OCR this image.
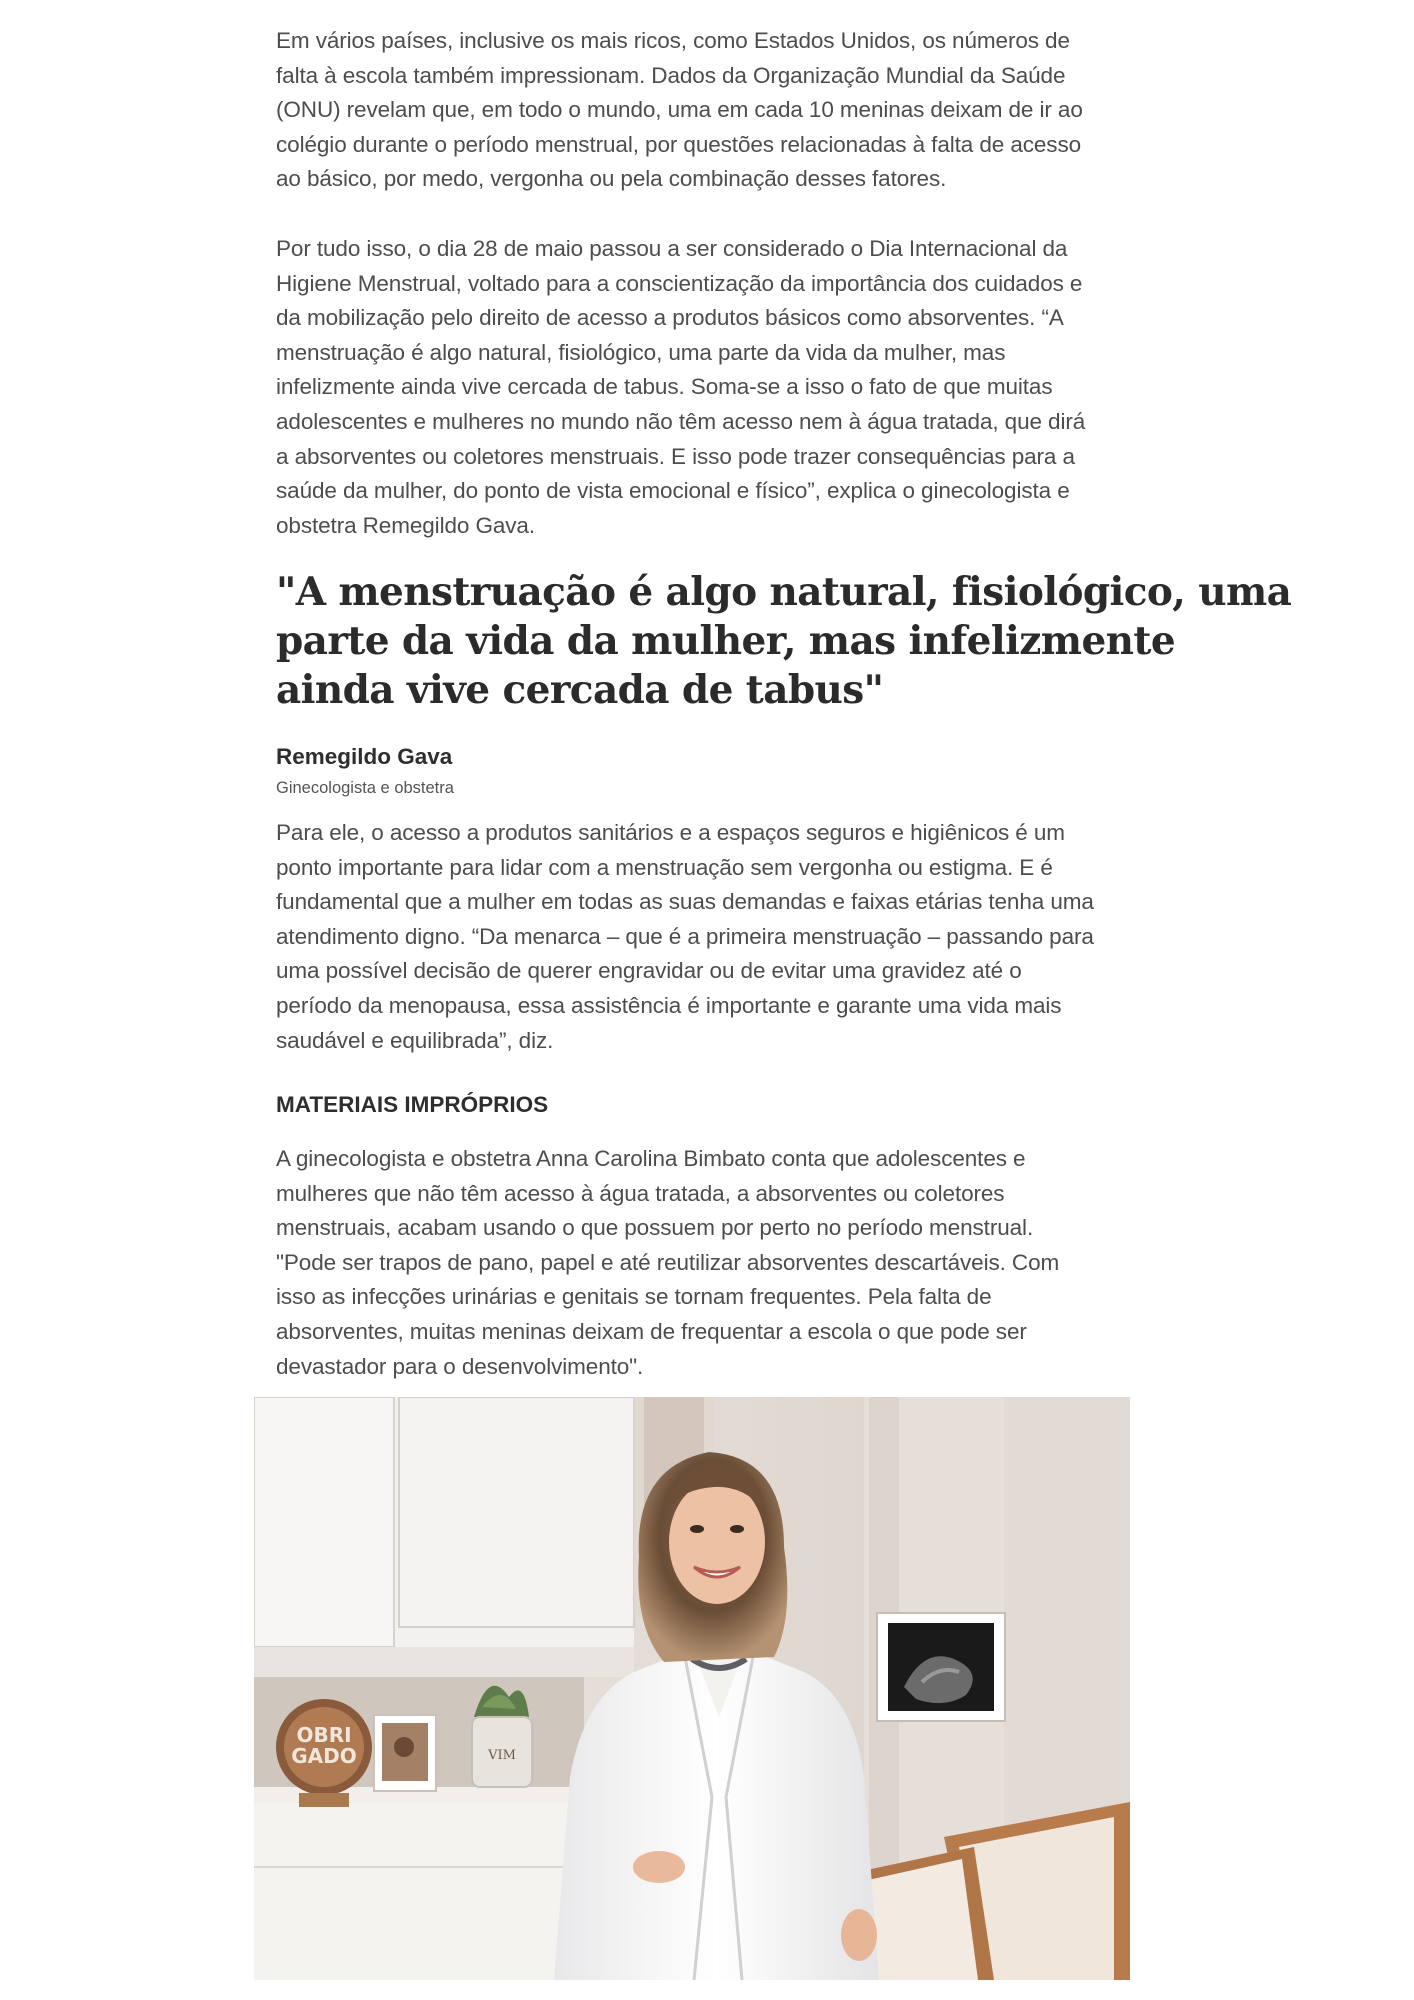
Em vários países, inclusive os mais ricos, como Estados Unidos, os números de
falta à escola também impressionam. Dados da Organização Mundial da Saúde
(ONU) revelam que, em todo o mundo, uma em cada 10 meninas deixam de ir ao
colégio durante o período menstrual, por questões relacionadas à falta de acesso
ao básico, por medo, vergonha ou pela combinação desses fatores.

Por tudo isso, o dia 28 de maio passou a ser considerado o Dia Internacional da
Higiene Menstrual, voltado para a conscientização da importância dos cuidados e
da mobilização pelo direito de acesso a produtos básicos como absorventes. “A
menstruação é algo natural, fisiológico, uma parte da vida da mulher, mas
infelizmente ainda vive cercada de tabus. Soma-se a isso o fato de que muitas
adolescentes e mulheres no mundo não têm acesso nem à água tratada, que dirá
a absorventes ou coletores menstruais. E isso pode trazer consequências para a
saúde da mulher, do ponto de vista emocional e físico”, explica o ginecologista e
obstetra Remegildo Gava.

"A menstruação é algo natural, fisiológico, uma
parte da vida da mulher, mas infelizmente
ainda vive cercada de tabus"
Remegildo Gava
Ginecologista e obstetra

Para ele, o acesso a produtos sanitários e a espaços seguros e higiênicos é um
ponto importante para lidar com a menstruação sem vergonha ou estigma. E é
fundamental que a mulher em todas as suas demandas e faixas etárias tenha uma
atendimento digno. “Da menarca – que é a primeira menstruação – passando para
uma possível decisão de querer engravidar ou de evitar uma gravidez até o
período da menopausa, essa assistência é importante e garante uma vida mais
saudável e equilibrada”, diz.

MATERIAIS IMPRÓPRIOS

A ginecologista e obstetra Anna Carolina Bimbato conta que adolescentes e
mulheres que não têm acesso à água tratada, a absorventes ou coletores
menstruais, acabam usando o que possuem por perto no período menstrual.
"Pode ser trapos de pano, papel e até reutilizar absorventes descartáveis. Com
isso as infecções urinárias e genitais se tornam frequentes. Pela falta de
absorventes, muitas meninas deixam de frequentar a escola o que pode ser
devastador para o desenvolvimento".

OBRI
GADO	VIM
